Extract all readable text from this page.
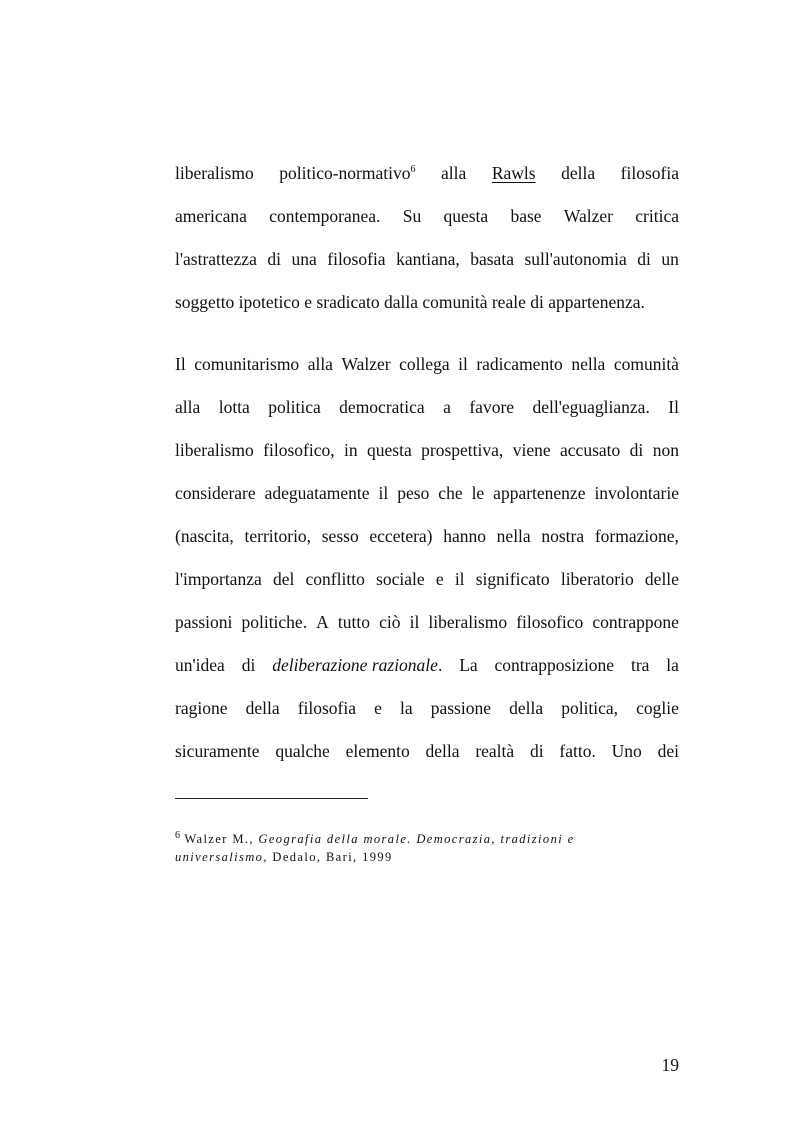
liberalismo politico-normativo$^6$ alla Rawls della filosofia
americana contemporanea. Su questa base Walzer critica
l'astrattezza di una filosofia kantiana, basata sull'autonomia di un
soggetto ipotetico e sradicato dalla comunità reale di appartenenza.
Il comunitarismo alla Walzer collega il radicamento nella comunità
alla lotta politica democratica a favore dell'eguaglianza. Il
liberalismo filosofico, in questa prospettiva, viene accusato di non
considerare adeguatamente il peso che le appartenenze involontarie
(nascita, territorio, sesso eccetera) hanno nella nostra formazione,
l'importanza del conflitto sociale e il significato liberatorio delle
passioni politiche. A tutto ciò il liberalismo filosofico contrappone
un'idea di deliberazione razionale. La contrapposizione tra la
ragione della filosofia e la passione della politica, coglie
sicuramente qualche elemento della realtà di fatto. Uno dei
$^6$ Walzer M., Geografia della morale. Democrazia, tradizioni e
universalismo, Dedalo, Bari, 1999
19
